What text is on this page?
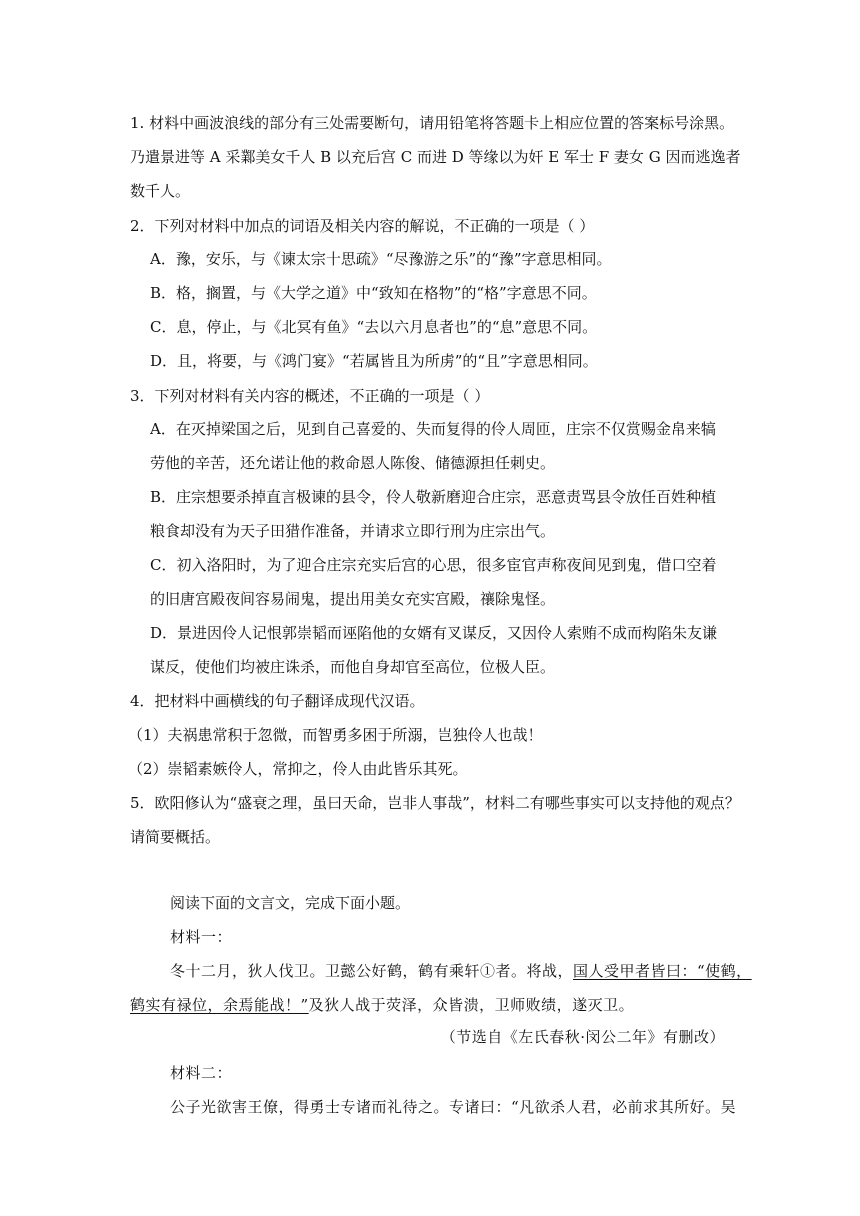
1. 材料中画波浪线的部分有三处需要断句，请用铅笔将答题卡上相应位置的答案标号涂黑。
乃遣景进等 A 采鄴美女千人 B 以充后宫 C 而进 D 等缘以为奸 E 军士 F 妻女 G 因而逃逸者
数千人。
2．下列对材料中加点的词语及相关内容的解说，不正确的一项是（ ）
A．豫，安乐，与《谏太宗十思疏》“尽豫游之乐”的“豫”字意思相同。
B．格，搁置，与《大学之道》中“致知在格物”的“格”字意思不同。
C．息，停止，与《北冥有鱼》“去以六月息者也”的“息”意思不同。
D．且，将要，与《鸿门宴》“若属皆且为所虏”的“且”字意思相同。
3．下列对材料有关内容的概述，不正确的一项是（ ）
A．在灭掉梁国之后，见到自己喜爱的、失而复得的伶人周匝，庄宗不仅赏赐金帛来犒
劳他的辛苦，还允诺让他的救命恩人陈俊、储德源担任刺史。
B．庄宗想要杀掉直言极谏的县令，伶人敬新磨迎合庄宗，恶意责骂县令放任百姓种植
粮食却没有为天子田猎作准备，并请求立即行刑为庄宗出气。
C．初入洛阳时，为了迎合庄宗充实后宫的心思，很多宦官声称夜间见到鬼，借口空着
的旧唐宫殿夜间容易闹鬼，提出用美女充实宫殿，禳除鬼怪。
D．景进因伶人记恨郭崇韬而诬陷他的女婿有叉谋反，又因伶人索贿不成而构陷朱友谦
谋反，使他们均被庄诛杀，而他自身却官至高位，位极人臣。
4．把材料中画横线的句子翻译成现代汉语。
（1）夫祸患常积于忽微，而智勇多困于所溺，岂独伶人也哉！
（2）崇韬素嫉伶人，常抑之，伶人由此皆乐其死。
5．欧阳修认为“盛衰之理，虽曰天命，岂非人事哉”，材料二有哪些事实可以支持他的观点？
请简要概括。
阅读下面的文言文，完成下面小题。
材料一：
冬十二月，狄人伐卫。卫懿公好鹤，鹤有乘轩①者。将战，国人受甲者皆曰：“使鹤，
鹤实有禄位，余焉能战！”及狄人战于荧泽，众皆溃，卫师败绩，遂灭卫。
（节选自《左氏春秋·闵公二年》有删改）
材料二：
公子光欲害王僚，得勇士专诸而礼待之。专诸曰：“凡欲杀人君，必前求其所好。吴
